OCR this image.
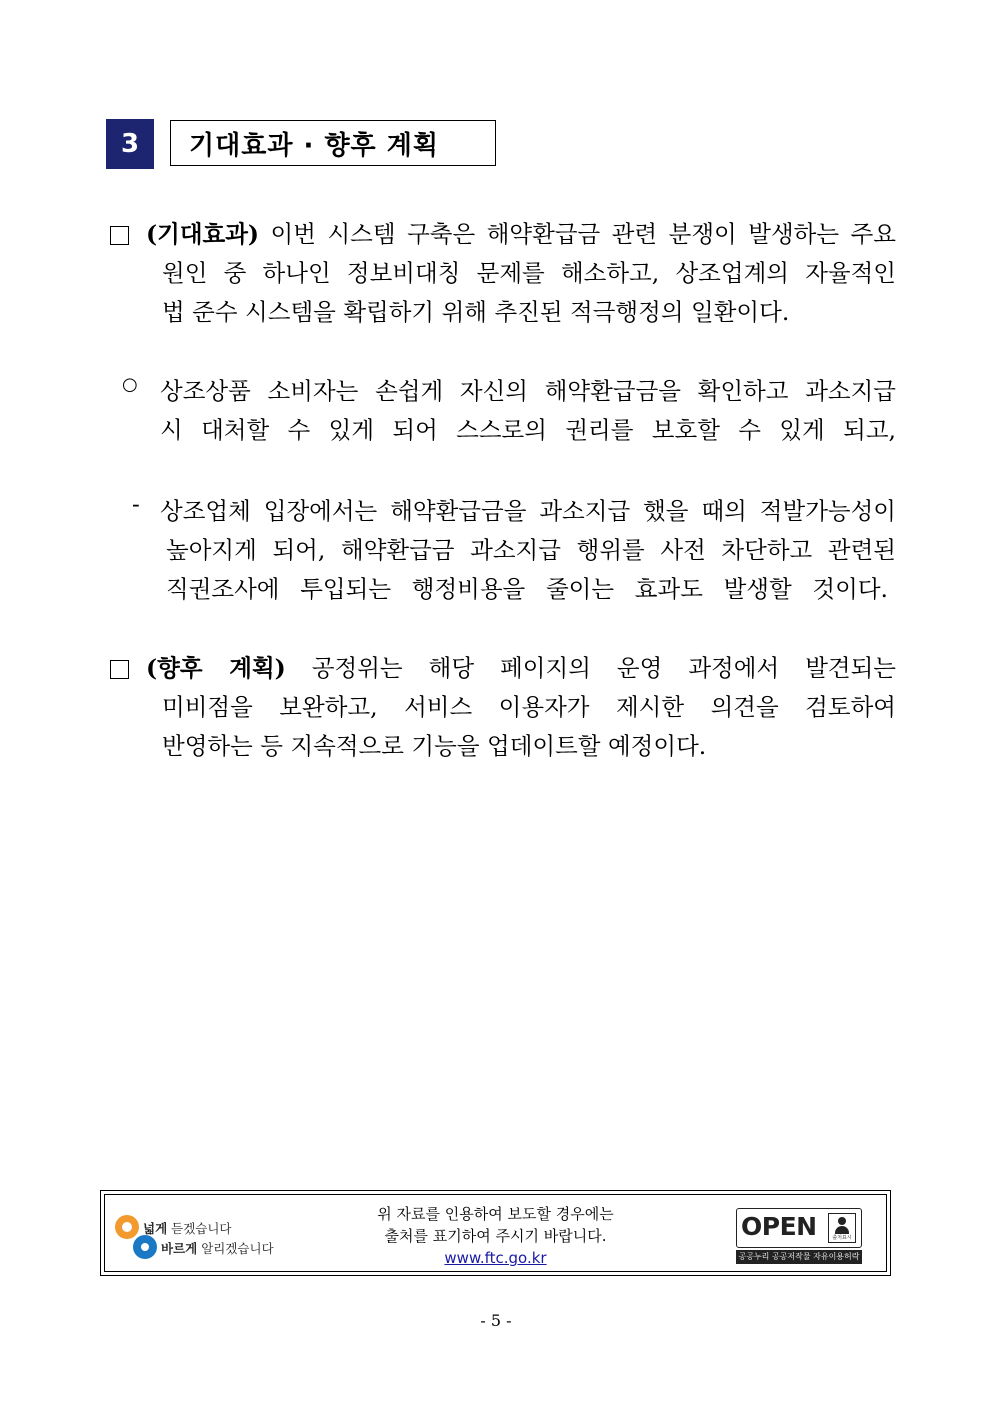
3	기대효과 · 향후 계획
(기대효과) 이번 시스템 구축은 해약환급금 관련 분쟁이 발생하는 주요
원인 중 하나인 정보비대칭 문제를 해소하고, 상조업계의 자율적인
법 준수 시스템을 확립하기 위해 추진된 적극행정의 일환이다.
○ 상조상품 소비자는 손쉽게 자신의 해약환급금을 확인하고 과소지급
시 대처할 수 있게 되어 스스로의 권리를 보호할 수 있게 되고,
- 상조업체 입장에서는 해약환급금을 과소지급 했을 때의 적발가능성이
높아지게 되어, 해약환급금 과소지급 행위를 사전 차단하고 관련된
직권조사에 투입되는 행정비용을 줄이는 효과도 발생할 것이다.
(향후 계획) 공정위는 해당 페이지의 운영 과정에서 발견되는
미비점을 보완하고, 서비스 이용자가 제시한 의견을 검토하여
반영하는 등 지속적으로 기능을 업데이트할 예정이다.
넓게 듣겠습니다
바르게 알리겠습니다
위 자료를 인용하여 보도할 경우에는
출처를 표기하여 주시기 바랍니다.
www.ftc.go.kr
OPEN	출처표시
공공누리 공공저작물 자유이용허락
- 5 -
